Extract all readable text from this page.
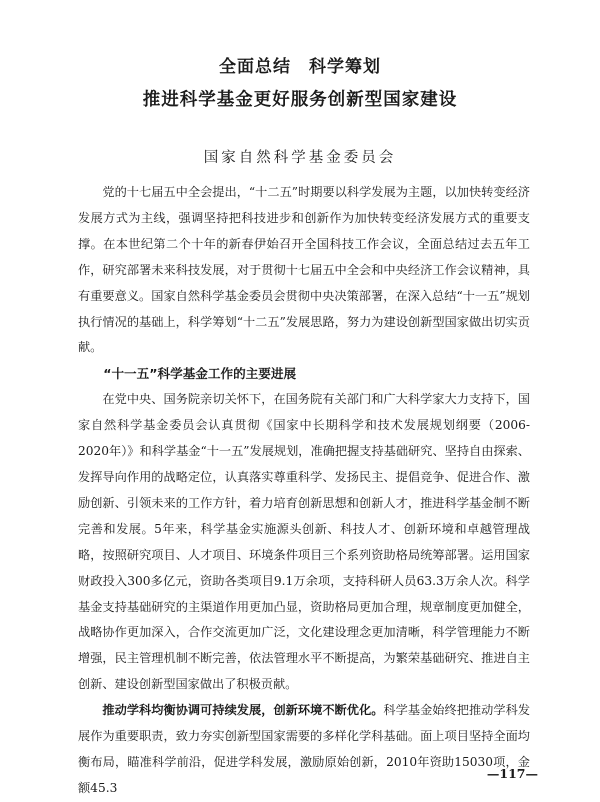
全面总结　科学筹划
推进科学基金更好服务创新型国家建设
国家自然科学基金委员会

党的十七届五中全会提出，“十二五”时期要以科学发展为主题，以加快转变经济发展方式为主线，强调坚持把科技进步和创新作为加快转变经济发展方式的重要支撑。在本世纪第二个十年的新春伊始召开全国科技工作会议，全面总结过去五年工作，研究部署未来科技发展，对于贯彻十七届五中全会和中央经济工作会议精神，具有重要意义。国家自然科学基金委员会贯彻中央决策部署，在深入总结“十一五”规划执行情况的基础上，科学筹划“十二五”发展思路，努力为建设创新型国家做出切实贡献。

“十一五”科学基金工作的主要进展

在党中央、国务院亲切关怀下，在国务院有关部门和广大科学家大力支持下，国家自然科学基金委员会认真贯彻《国家中长期科学和技术发展规划纲要（2006-2020年）》和科学基金“十一五”发展规划，准确把握支持基础研究、坚持自由探索、发挥导向作用的战略定位，认真落实尊重科学、发扬民主、提倡竞争、促进合作、激励创新、引领未来的工作方针，着力培育创新思想和创新人才，推进科学基金制不断完善和发展。5年来，科学基金实施源头创新、科技人才、创新环境和卓越管理战略，按照研究项目、人才项目、环境条件项目三个系列资助格局统筹部署。运用国家财政投入300多亿元，资助各类项目9.1万余项，支持科研人员63.3万余人次。科学基金支持基础研究的主渠道作用更加凸显，资助格局更加合理，规章制度更加健全，战略协作更加深入，合作交流更加广泛，文化建设理念更加清晰，科学管理能力不断增强，民主管理机制不断完善，依法管理水平不断提高，为繁荣基础研究、推进自主创新、建设创新型国家做出了积极贡献。

推动学科均衡协调可持续发展，创新环境不断优化。科学基金始终把推动学科发展作为重要职责，致力夯实创新型国家需要的多样化学科基础。面上项目坚持全面均衡布局，瞄准科学前沿，促进学科发展，激励原始创新，2010年资助15030项，金额45.3

—117—
